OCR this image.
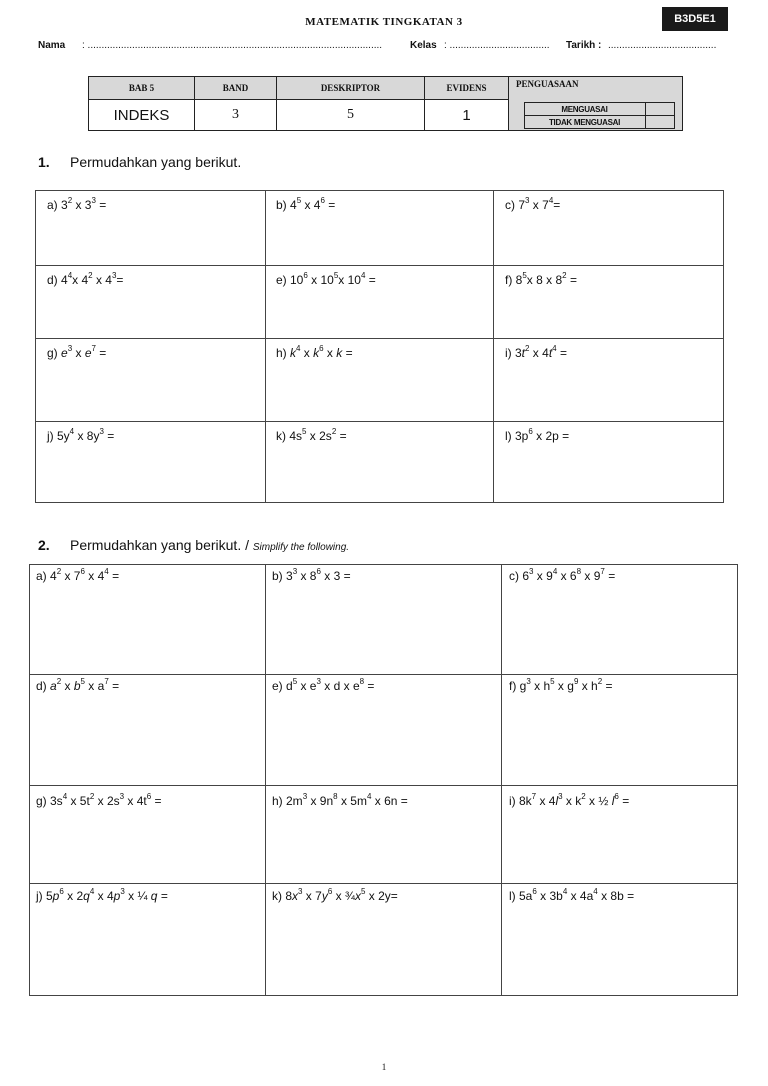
MATEMATIK TINGKATAN 3	B3D5E1
Nama : ..........................................................................................................	Kelas : .................................... Tarikh : .......................................
BAB 5	BAND	DESKRIPTOR	EVIDENS	PENGUASAAN
MENGUASAI	
TIDAK MENGUASAI	

INDEKS	3	5	1
1. Permudahkan yang berikut.
a) $3^2$ x $3^3$ =	b) $4^5$ x $4^6$ =	c) $7^3$ x $7^4=$

d) $4^4x$ $4^2$ x $4^3=$	e) $10^6$ x $10^5x$ $10^4$ =	f) $8^5x$ 8 x $8^2$ =

g) $e^3$ x $e^7$ =	h) $k^4$ x $k^6$ x k =	i) $3t^2$ x $4t^4$ =

j) $5y^4$ x $8y^3$ =	k) $4s^5$ x $2s^2$ =	l) $3p^6$ x 2p =
2. Permudahkan yang berikut. / Simplify the following.
a) $4^2$ x $7^6$ x $4^4$ =	b) $3^3$ x $8^6$ x 3 =	c) $6^3$ x $9^4$ x $6^8$ x $9^7$ =

d) $a^2$ x $b^5$ x $a^7$ =	e) $d^5$ x $e^3$ x d x $e^8$ =	f) $g^3$ x $h^5$ x $g^9$ x $h^2$ =

g) $3s^4$ x $5t^2$ x $2s^3$ x $4t^6$ =	h) $2m^3$ x $9n^8$ x $5m^4$ x 6n =	i) $8k^7$ x $4l^3$ x $k^2$ x ½ $l^6$ =

j) $5p^6$ x $2q^4$ x $4p^3$ x ¼ q =	k) $8x^3$ x $7y^6$ x $\frac{3}{4}x^5$ x 2y=	l) $5a^6$ x $3b^4$ x $4a^4$ x 8b =
1
